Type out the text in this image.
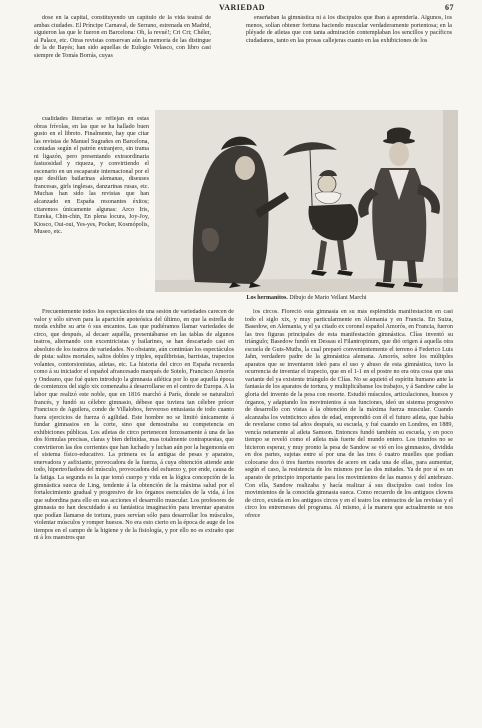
VARIEDAD	67

dose en la capital, constituyendo un capítulo de la vida teatral de ambas ciudades. El Príncipe Carnaval, de Serrano, estrenada en Madrid, siguieron las que le fueron en Barcelona: Oh, la revué!; Cri Cri; Chéler, al Palace, etc. Otras revistas conservan aún la memoria de las distingue de la de Bayés; han sido aquellas de Eulogio Velasco, con libro casi siempre de Tomás Borrás, cuyas

cualidades literarias se reflejan en estas obras frívolas, en las que se ha hallado buen gusto en el libreto. Finalmente, hay que citar las revistas de Manuel Sugrañes en Barcelona, contadas según el patrón extranjero, sin trama ni ligazón, pero presentando extraordinaria fastuosidad y riqueza, y convirtiendo el escenario en un escaparate internacional por el que desfilan bailarinas alemanas, diseuses francesas, girls inglesas, danzarinas rusas, etc. Muchas han sido las revistas que han alcanzado en España resonantes éxitos; citaremos únicamente algunas: Arco Iris, Eureka, Chin-chin, En plena locura, Joy-Joy, Kiosco, Oui-oui, Yes-yes, Pocker, Kosmópolis, Museo, etc.

enseñaban la gimnástica ni á los discípulos que iban á aprenderla. Algunos, los menos, solían obtener fortuna haciendo muscular verdaderamente portentosa; en la pléyade de atletas que con tanta admiración contemplaban los sencillos y pacíficos ciudadanos, tanto en las prosas callejeras cuanto en las exhibiciones de los

Los hermanitos. Dibujo de Mario Vellani Marchi

Frecuentemente todos los espectáculos de una sesión de variedades carecen de valor y sólo sirven para la aparición apoteósica del último, en que la estrella de moda exhibe su arte ó sus encantos. Las que pudiéramos llamar variedades de circo, que después, al decaer aquélla, presentábanse en las tablas de algunos teatros, alternando con excentricistas y bailarines, se han descartado casi en absoluto de los teatros de variedades. No obstante, aún continúan los espectáculos de pista: saltos mortales, saltos dobles y triples, equilibristas, barristas, trapecios volantes, contorsionistas, atletas, etc. La historia del circo en España recuerda como á su iniciador el español afrancesado marqués de Sotelo, Francisco Amorós y Ondeano, que fué quien introdujo la gimnasia atlética por lo que aquella época de comienzos del siglo xix comenzaba á desarrollarse en el centro de Europa. A la labor que realizó este noble, que en 1816 marchó á París, donde se naturalizó francés, y fundó su célebre gimnasio, débese que tuviera tan célebre prócer Francisco de Aguilera, conde de Villalobos, fervoroso entusiasta de todo cuanto fuera ejercicios de fuerza ó agilidad. Este hombre no se limitó únicamente á fundar gimnasios en la corte, sino que demostraba su competencia en exhibiciones públicas. Los atletas de circo pertenecen forzosamente á una de las dos fórmulas precisas, claras y bien definidas, mas totalmente contrapuestas, que convirtieron las dos corrientes que han luchado y luchan aún por la hegemonía en el sistema físico-educativo. La primera es la antigua de pesas y aparatos, enervadora y asfixiante, provocadora de la fuerza, á cuya obtención atiende ante todo, hipertrofiadora del músculo, provocadora del esfuerzo y, por ende, causa de la fatiga. La segunda es la que tomó cuerpo y vida en la lógica concepción de la gimnástica sueca de Ling, tendente á la obtención de la máxima salud por el fortalecimiento gradual y progresivo de los órganos esenciales de la vida, á los que subordina para ello en sus acciones el desarrollo muscular. Los profesores de gimnasia no han descuidado á su fantástica imaginación para inventar aparatos que podían llamarse de tortura, pues servían sólo para desarrollar los músculos, violentar músculos y romper huesos. No era esto cierto en la época de auge de los tiempos en el campo de la higiene y de la fisiología, y por ello no es extraño que ni á los maestros que

los circos. Floreció esta gimnasia en su más espléndida manifestación en casi todo el siglo xix, y muy particularmente en Alemania y en Francia. En Suiza, Basedow, en Alemania, y el ya citado ex coronel español Amorós, en Francia, fueron las tres figuras principales de esta manifestación gimnástica. Clías inventó su triángulo; Basedow fundó en Dessau el Filantropinum, que dió origen á aquella otra escuela de Guts-Muths, la cual preparó convenientemente el terreno á Federico Luis Jahn, verdadero padre de la gimnástica alemana. Amorós, sobre los múltiples aparatos que se inventaron ideó para el uso y abuso de esta gimnástica, tuvo la ocurrencia de inventar el trapecio, que en el 1-1 en el postre no era otra cosa que una variante del ya existente triángulo de Clías. No se aquietó el espíritu humano ante la fantasía de los aparatos de tortura, y multiplicábanse los trabajos, y á Sandow cabe la gloria del invento de la pesa con resorte. Estudió músculos, articulaciones, huesos y órganos, y adaptando los movimientos á sus funciones, ideó un sistema progresivo de desarrollo con vistas á la obtención de la máxima fuerza muscular. Cuando alcanzaba los veinticinco años de edad, emprendió con él el futuro atleta, que había de revelarse como tal años después, su escuela, y fué cuando en Londres, en 1889, vencía netamente al atleta Samson. Entonces fundó también su escuela, y en poco tiempo se reveló como el atleta más fuerte del mundo entero. Los triunfos no se hicieron esperar, y muy pronto la pesa de Sandow se vió en los gimnasios, dividida en dos partes, sujetas entre sí por una de las tres ó cuatro muelles que podían colocarse dos ó tres fuertes resortes de acero en cada una de ellas, para aumentar, según el caso, la resistencia de los mismos por las dos mitades. Ya de por sí es un aparato de principio importante para los movimientos de las manos y del antebrazo. Con ella, Sandow realizaba y hacía realizar á sus discípulos casi todos los movimientos de la conocida gimnasia sueca. Como recuerdo de los antiguos clowns de circo, existía en los antiguos circos y en el teatro los entreactos de las revistas y el circo los entremeses del programa. Al mismo, á la manera que actualmente se nos ofrece
